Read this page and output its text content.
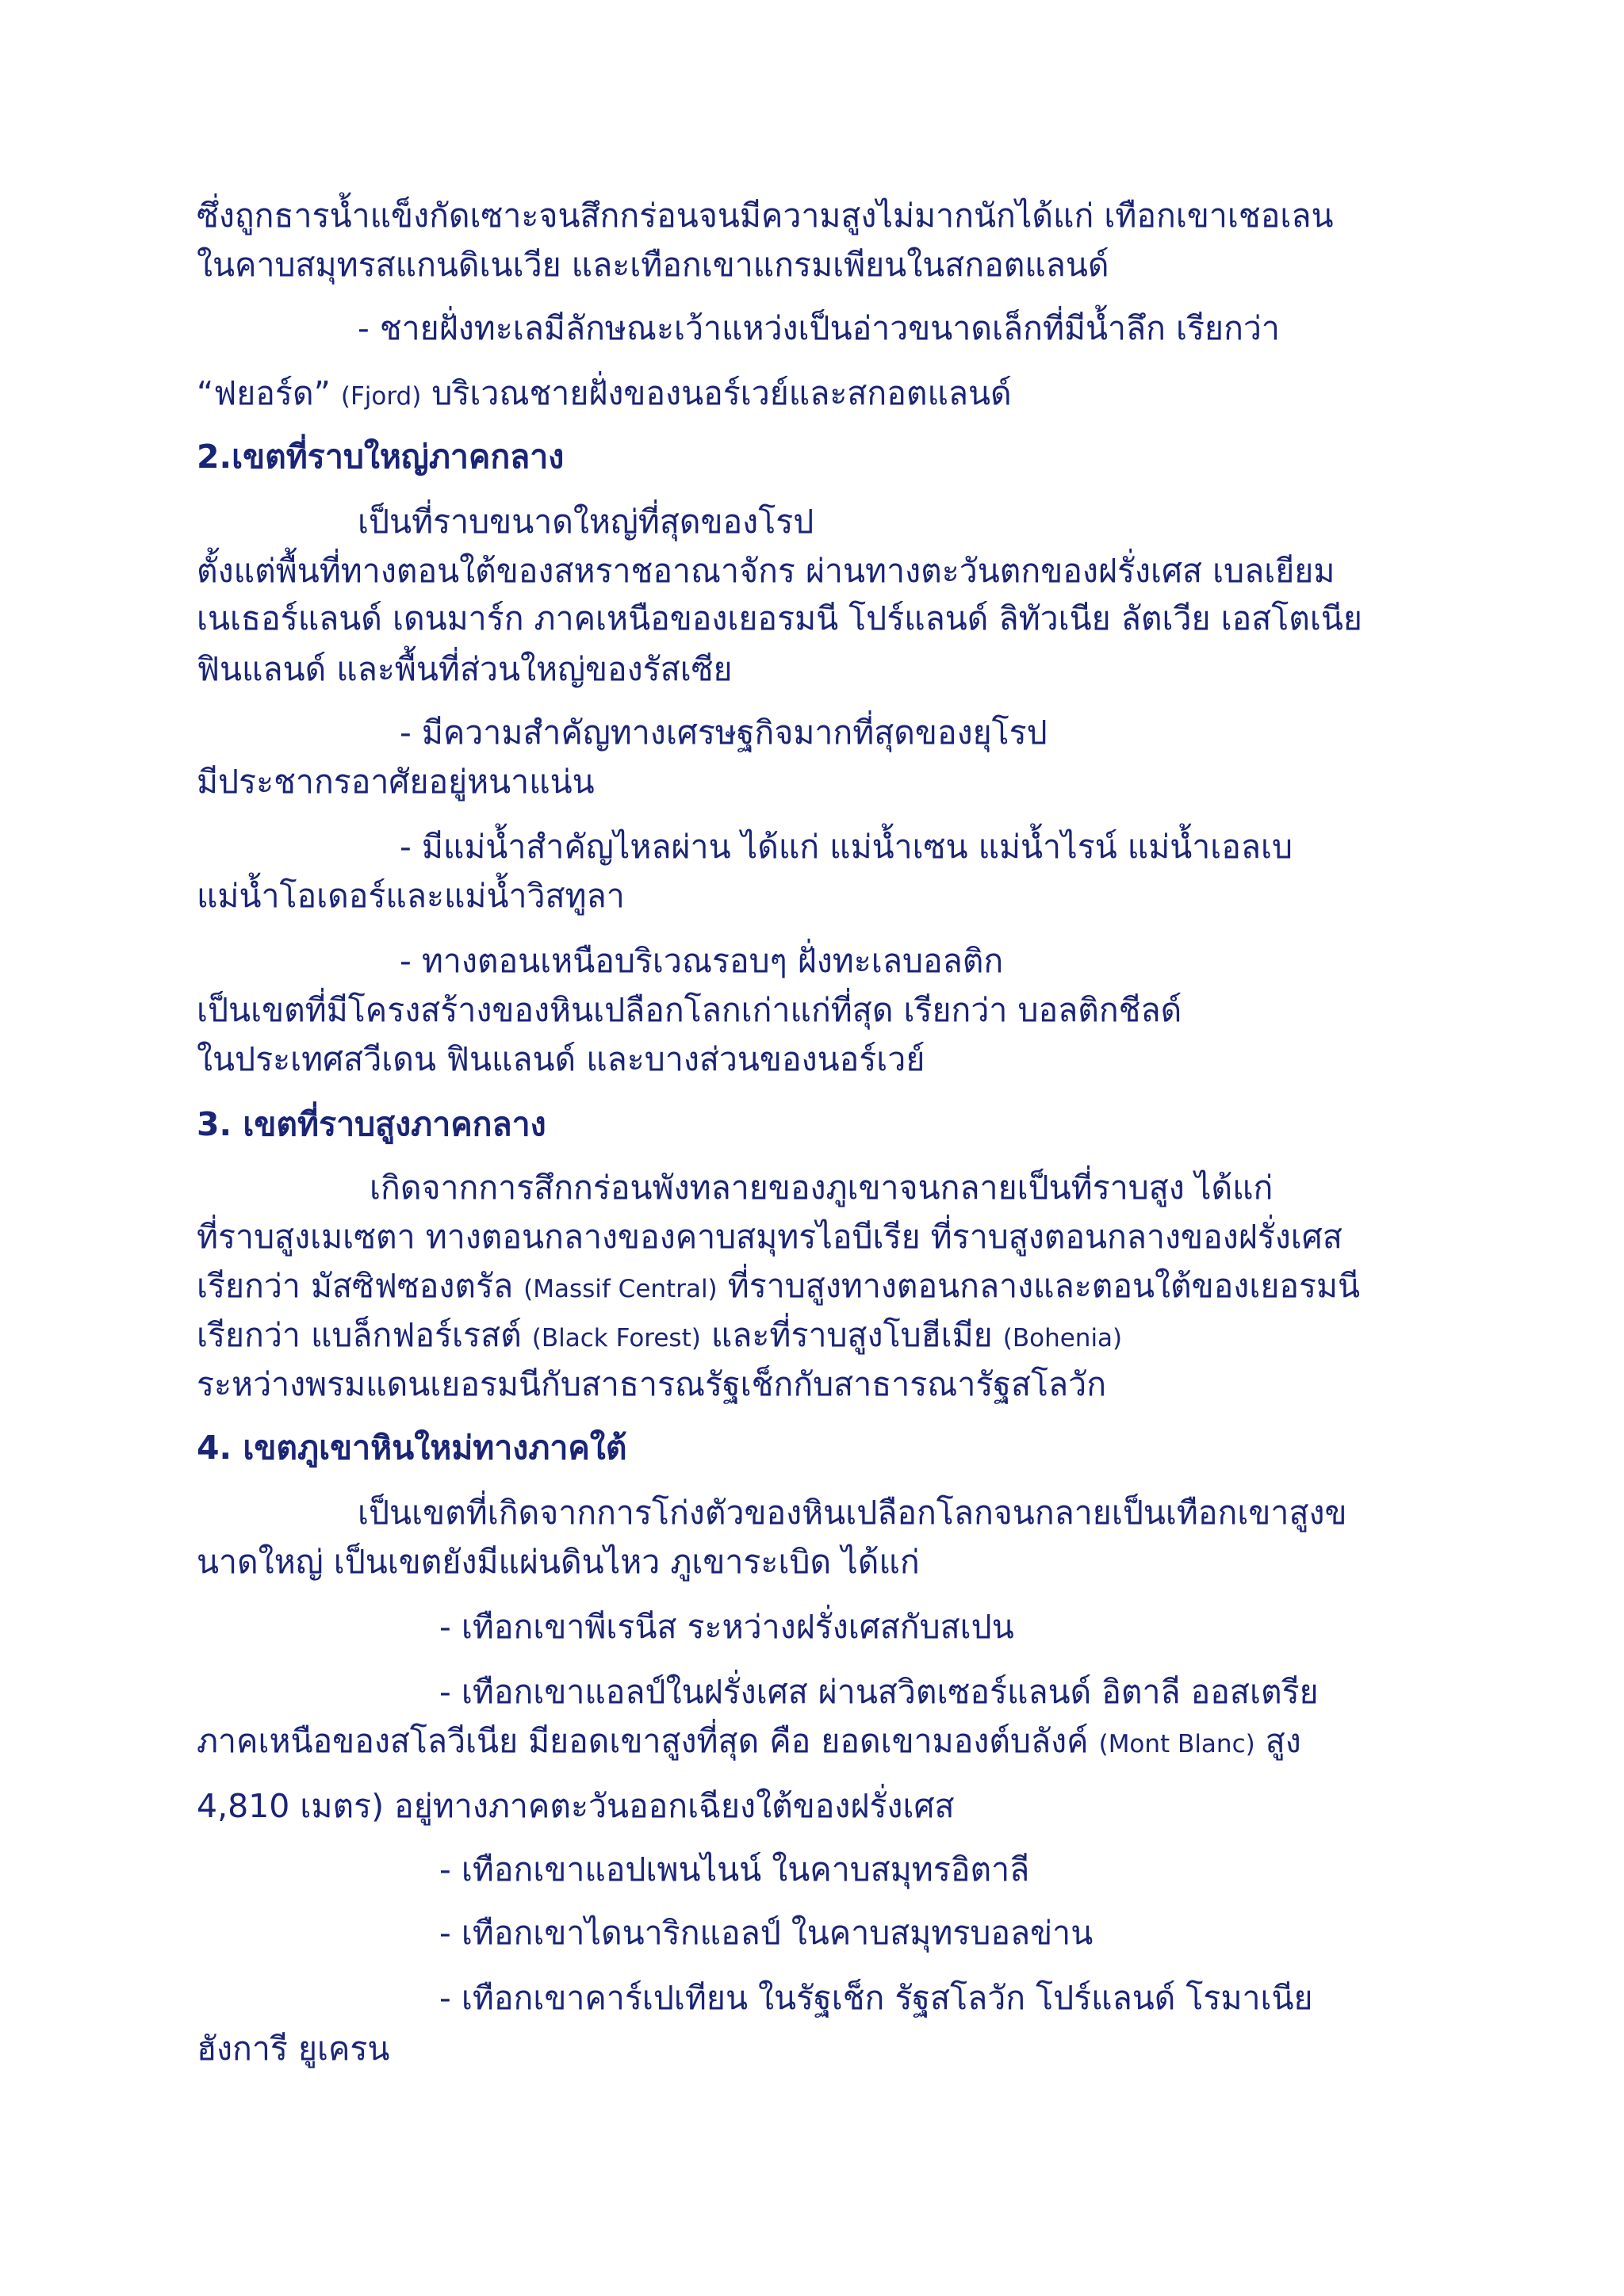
ซึ่งถูกธารน้ำแข็งกัดเซาะจนสึกกร่อนจนมีความสูงไม่มากนักได้แก่ เทือกเขาเชอเลน

ในคาบสมุทรสแกนดิเนเวีย และเทือกเขาแกรมเพียนในสกอตแลนด์

- ชายฝั่งทะเลมีลักษณะเว้าแหว่งเป็นอ่าวขนาดเล็กที่มีน้ำลึก เรียกว่า

“ฟยอร์ด” (Fjord) บริเวณชายฝั่งของนอร์เวย์และสกอตแลนด์

2.เขตที่ราบใหญ่ภาคกลาง

เป็นที่ราบขนาดใหญ่ที่สุดของโรป

ตั้งแต่พื้นที่ทางตอนใต้ของสหราชอาณาจักร ผ่านทางตะวันตกของฝรั่งเศส เบลเยียม

เนเธอร์แลนด์ เดนมาร์ก ภาคเหนือของเยอรมนี โปร์แลนด์ ลิทัวเนีย ลัตเวีย เอสโตเนีย

ฟินแลนด์ และพื้นที่ส่วนใหญ่ของรัสเซีย

- มีความสำคัญทางเศรษฐกิจมากที่สุดของยุโรป

มีประชากรอาศัยอยู่หนาแน่น

- มีแม่น้ำสำคัญไหลผ่าน ได้แก่ แม่น้ำเซน แม่น้ำไรน์ แม่น้ำเอลเบ

แม่น้ำโอเดอร์และแม่น้ำวิสทูลา

- ทางตอนเหนือบริเวณรอบๆ ฝั่งทะเลบอลติก

เป็นเขตที่มีโครงสร้างของหินเปลือกโลกเก่าแก่ที่สุด เรียกว่า บอลติกชีลด์

ในประเทศสวีเดน ฟินแลนด์ และบางส่วนของนอร์เวย์

3. เขตที่ราบสูงภาคกลาง

เกิดจากการสึกกร่อนพังทลายของภูเขาจนกลายเป็นที่ราบสูง ได้แก่

ที่ราบสูงเมเซตา ทางตอนกลางของคาบสมุทรไอบีเรีย ที่ราบสูงตอนกลางของฝรั่งเศส

เรียกว่า มัสซิฟซองตรัล (Massif Central) ที่ราบสูงทางตอนกลางและตอนใต้ของเยอรมนี

เรียกว่า แบล็กฟอร์เรสต์ (Black Forest) และที่ราบสูงโบฮีเมีย (Bohenia)

ระหว่างพรมแดนเยอรมนีกับสาธารณรัฐเช็กกับสาธารณารัฐสโลวัก

4. เขตภูเขาหินใหม่ทางภาคใต้

เป็นเขตที่เกิดจากการโก่งตัวของหินเปลือกโลกจนกลายเป็นเทือกเขาสูงข

นาดใหญ่ เป็นเขตยังมีแผ่นดินไหว ภูเขาระเบิด ได้แก่

- เทือกเขาพีเรนีส ระหว่างฝรั่งเศสกับสเปน

- เทือกเขาแอลป์ในฝรั่งเศส ผ่านสวิตเซอร์แลนด์ อิตาลี ออสเตรีย

ภาคเหนือของสโลวีเนีย มียอดเขาสูงที่สุด คือ ยอดเขามองต์บลังค์ (Mont Blanc) สูง

4,810 เมตร) อยู่ทางภาคตะวันออกเฉียงใต้ของฝรั่งเศส

- เทือกเขาแอปเพนไนน์ ในคาบสมุทรอิตาลี

- เทือกเขาไดนาริกแอลป์ ในคาบสมุทรบอลข่าน

- เทือกเขาคาร์เปเทียน ในรัฐเช็ก รัฐสโลวัก โปร์แลนด์ โรมาเนีย

ฮังการี ยูเครน
